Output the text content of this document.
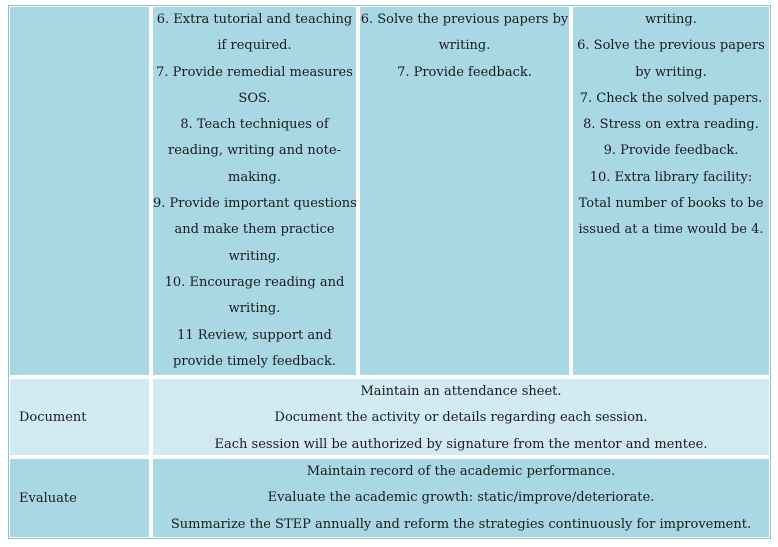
6. Extra tutorial and teaching
if required.
7. Provide remedial measures
SOS.
8. Teach techniques of
reading, writing and note-
making.
9. Provide important questions
and make them practice
writing.
10. Encourage reading and
writing.
11 Review, support and
provide timely feedback.
6. Solve the previous papers by
writing.
7. Provide feedback.
writing.
6. Solve the previous papers
by writing.
7. Check the solved papers.
8. Stress on extra reading.
9. Provide feedback.
10. Extra library facility:
Total number of books to be
issued at a time would be 4.
Document
Maintain an attendance sheet.
Document the activity or details regarding each session.
Each session will be authorized by signature from the mentor and mentee.
Evaluate
Maintain record of the academic performance.
Evaluate the academic growth: static/improve/deteriorate.
Summarize the STEP annually and reform the strategies continuously for improvement.
